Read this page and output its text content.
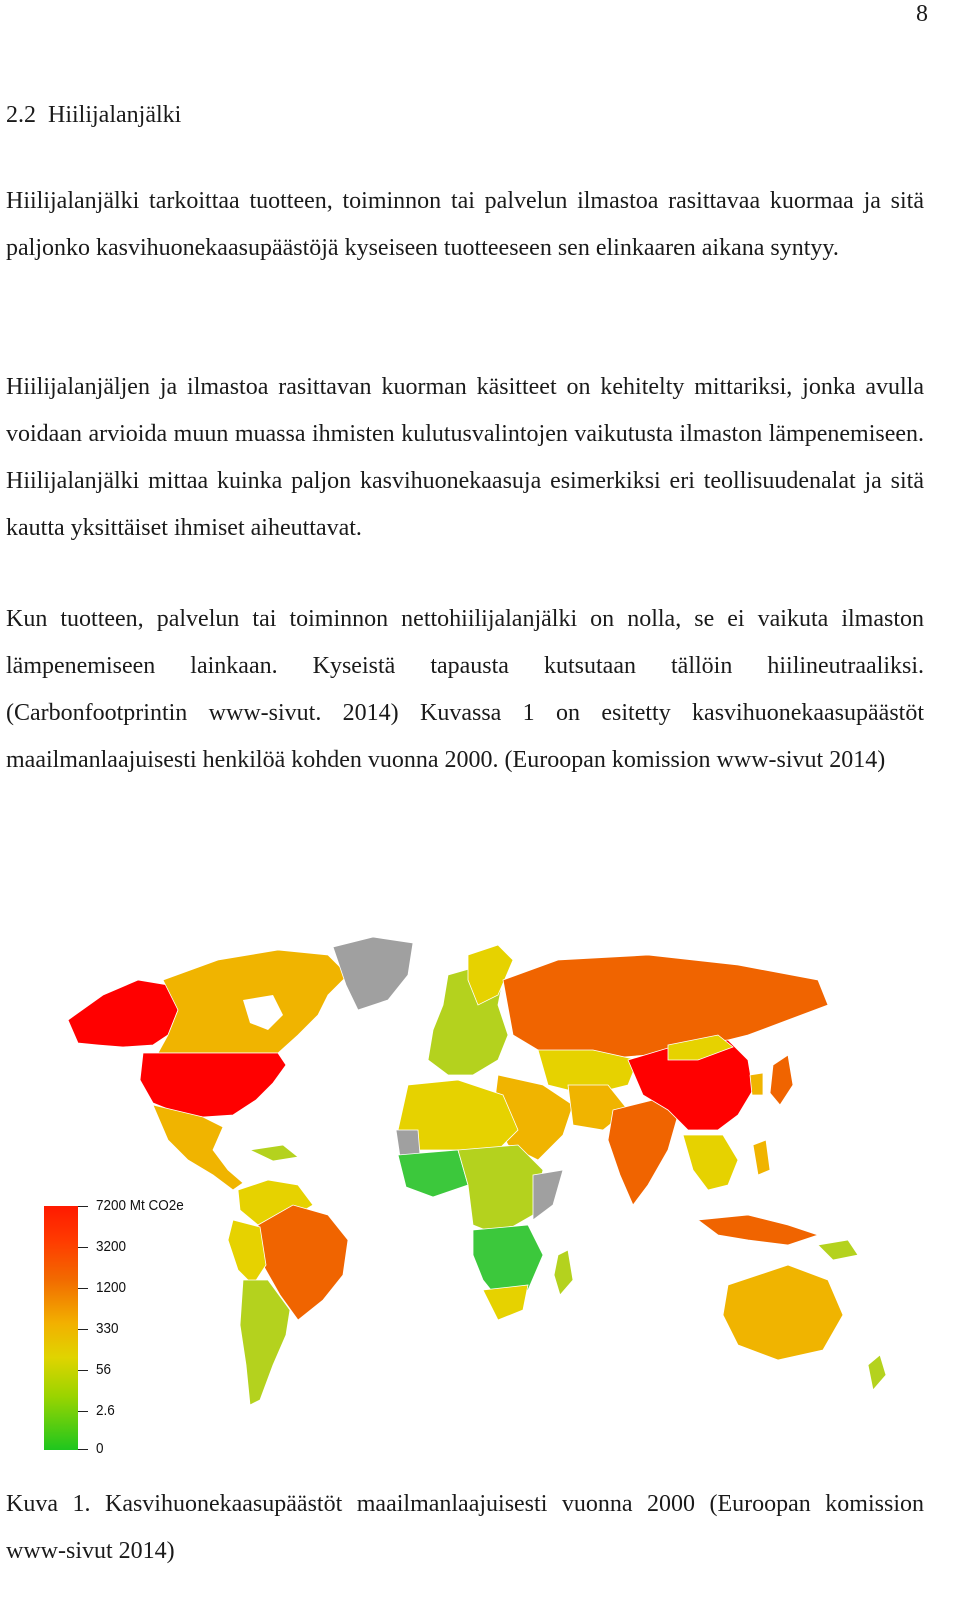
8
2.2 Hiilijalanjälki

Hiilijalanjälki tarkoittaa tuotteen, toiminnon tai palvelun ilmastoa rasittavaa kuormaa ja sitä paljonko kasvihuonekaasupäästöjä kyseiseen tuotteeseen sen elinkaaren aikana syntyy.

Hiilijalanjäljen ja ilmastoa rasittavan kuorman käsitteet on kehitelty mittariksi, jonka avulla voidaan arvioida muun muassa ihmisten kulutusvalintojen vaikutusta ilmaston lämpenemiseen. Hiilijalanjälki mittaa kuinka paljon kasvihuonekaasuja esimerkiksi eri teollisuudenalat ja sitä kautta yksittäiset ihmiset aiheuttavat.

Kun tuotteen, palvelun tai toiminnon nettohiilijalanjälki on nolla, se ei vaikuta ilmaston lämpenemiseen lainkaan. Kyseistä tapausta kutsutaan tällöin hiilineutraaliksi. (Carbonfootprintin www-sivut. 2014) Kuvassa 1 on esitetty kasvihuonekaasupäästöt maailmanlaajuisesti henkilöä kohden vuonna 2000. (Euroopan komission www-sivut 2014)

7200 Mt CO2e
3200
1200
330
56
2.6
0

Kuva 1. Kasvihuonekaasupäästöt maailmanlaajuisesti vuonna 2000 (Euroopan komission www-sivut 2014)
